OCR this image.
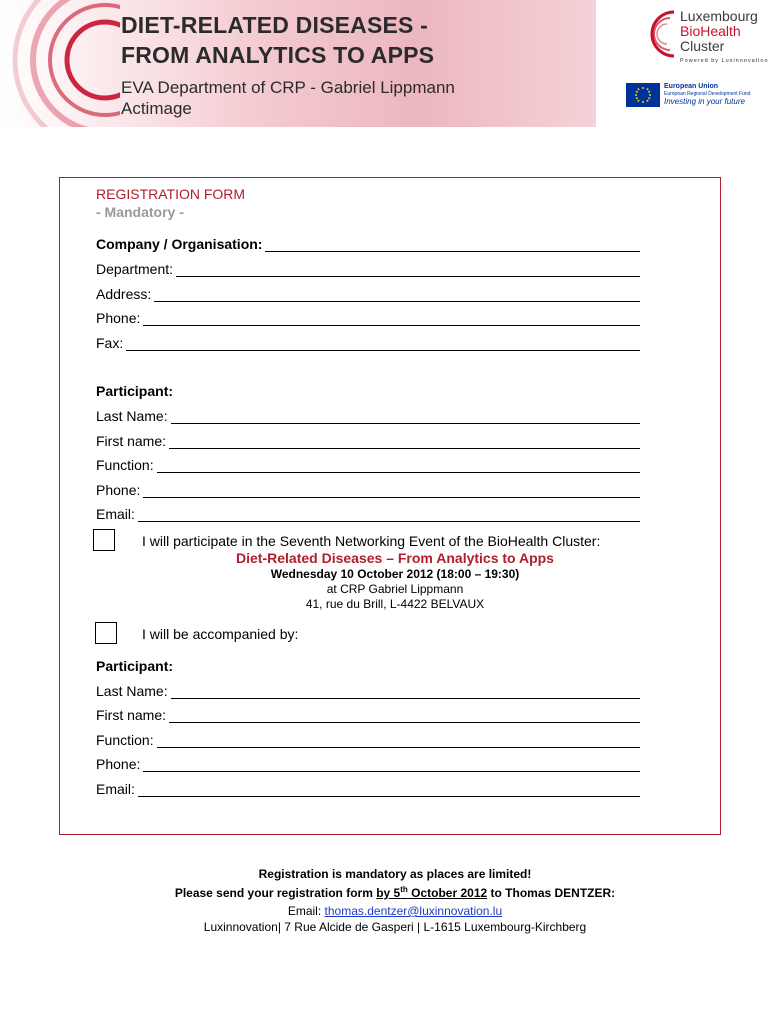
DIET-RELATED DISEASES -
FROM ANALYTICS TO APPS
EVA Department of CRP - Gabriel Lippmann
Actimage
Luxembourg
BioHealth
Cluster
Powered by Luxinnovation
European Union
European Regional Development Fund
Investing in your future
REGISTRATION FORM
- Mandatory -
Company / Organisation:
Department:
Address:
Phone:
Fax:
Participant:
Last Name:
First name:
Function:
Phone:
Email:
I will participate in the Seventh Networking Event of the BioHealth Cluster:
Diet-Related Diseases – From Analytics to Apps
Wednesday 10 October 2012 (18:00 – 19:30)
at CRP Gabriel Lippmann
41, rue du Brill, L-4422 BELVAUX
I will be accompanied by:
Participant:
Last Name:
First name:
Function:
Phone:
Email:
Registration is mandatory as places are limited!
Please send your registration form by 5th October 2012 to Thomas DENTZER:
Email: thomas.dentzer@luxinnovation.lu
Luxinnovation| 7 Rue Alcide de Gasperi | L-1615 Luxembourg-Kirchberg
